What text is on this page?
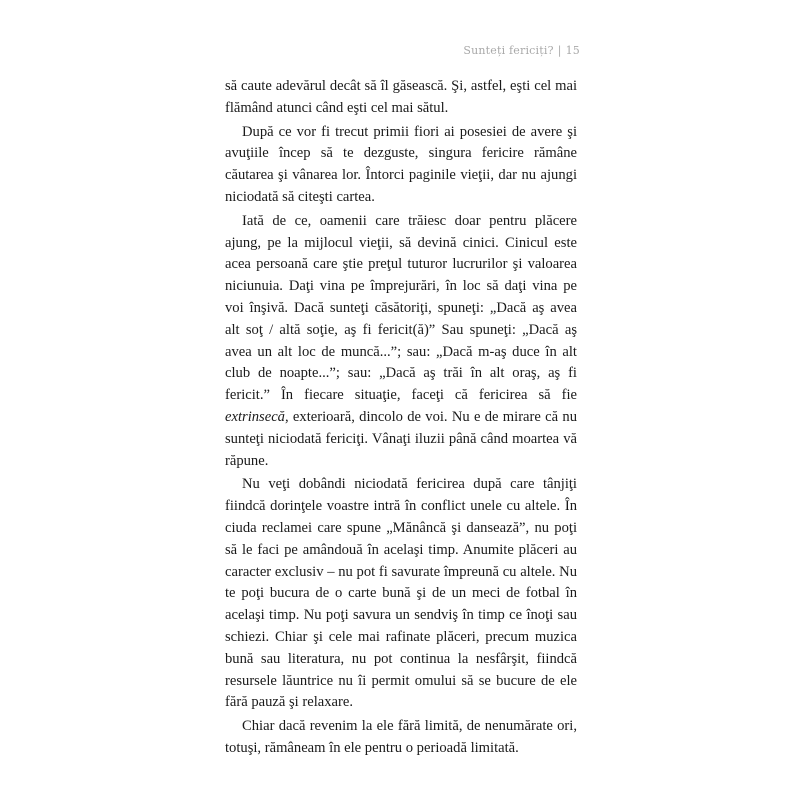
Sunteți fericiți? | 15

să caute adevărul decât să îl găsească. Şi, astfel, eşti cel mai flămând atunci când eşti cel mai sătul.

După ce vor fi trecut primii fiori ai posesiei de avere şi avuţiile încep să te dezguste, singura fericire rămâne căutarea şi vânarea lor. Întorci paginile vieţii, dar nu ajungi niciodată să citeşti cartea.

Iată de ce, oamenii care trăiesc doar pentru plăcere ajung, pe la mijlocul vieţii, să devină cinici. Cinicul este acea persoană care ştie preţul tuturor lucrurilor şi valoarea niciunuia. Daţi vina pe împrejurări, în loc să daţi vina pe voi înşivă. Dacă sunteţi căsătoriţi, spuneţi: „Dacă aş avea alt soţ / altă soţie, aş fi fericit(ă)” Sau spuneţi: „Dacă aş avea un alt loc de muncă...”; sau: „Dacă m-aş duce în alt club de noapte...”; sau: „Dacă aş trăi în alt oraş, aş fi fericit.” În fiecare situaţie, faceţi că fericirea să fie extrinsecă, exterioară, dincolo de voi. Nu e de mirare că nu sunteţi niciodată fericiţi. Vânaţi iluzii până când moartea vă răpune.

Nu veţi dobândi niciodată fericirea după care tânjiţi fiindcă dorinţele voastre intră în conflict unele cu altele. În ciuda reclamei care spune „Mănâncă şi dansează”, nu poţi să le faci pe amândouă în acelaşi timp. Anumite plăceri au caracter exclusiv – nu pot fi savurate împreună cu altele. Nu te poţi bucura de o carte bună şi de un meci de fotbal în acelaşi timp. Nu poţi savura un sendviş în timp ce înoţi sau schiezi. Chiar şi cele mai rafinate plăceri, precum muzica bună sau literatura, nu pot continua la nesfârşit, fiindcă resursele lăuntrice nu îi permit omului să se bucure de ele fără pauză şi relaxare.

Chiar dacă revenim la ele fără limită, de nenumărate ori, totuşi, rămâneam în ele pentru o perioadă limitată.
